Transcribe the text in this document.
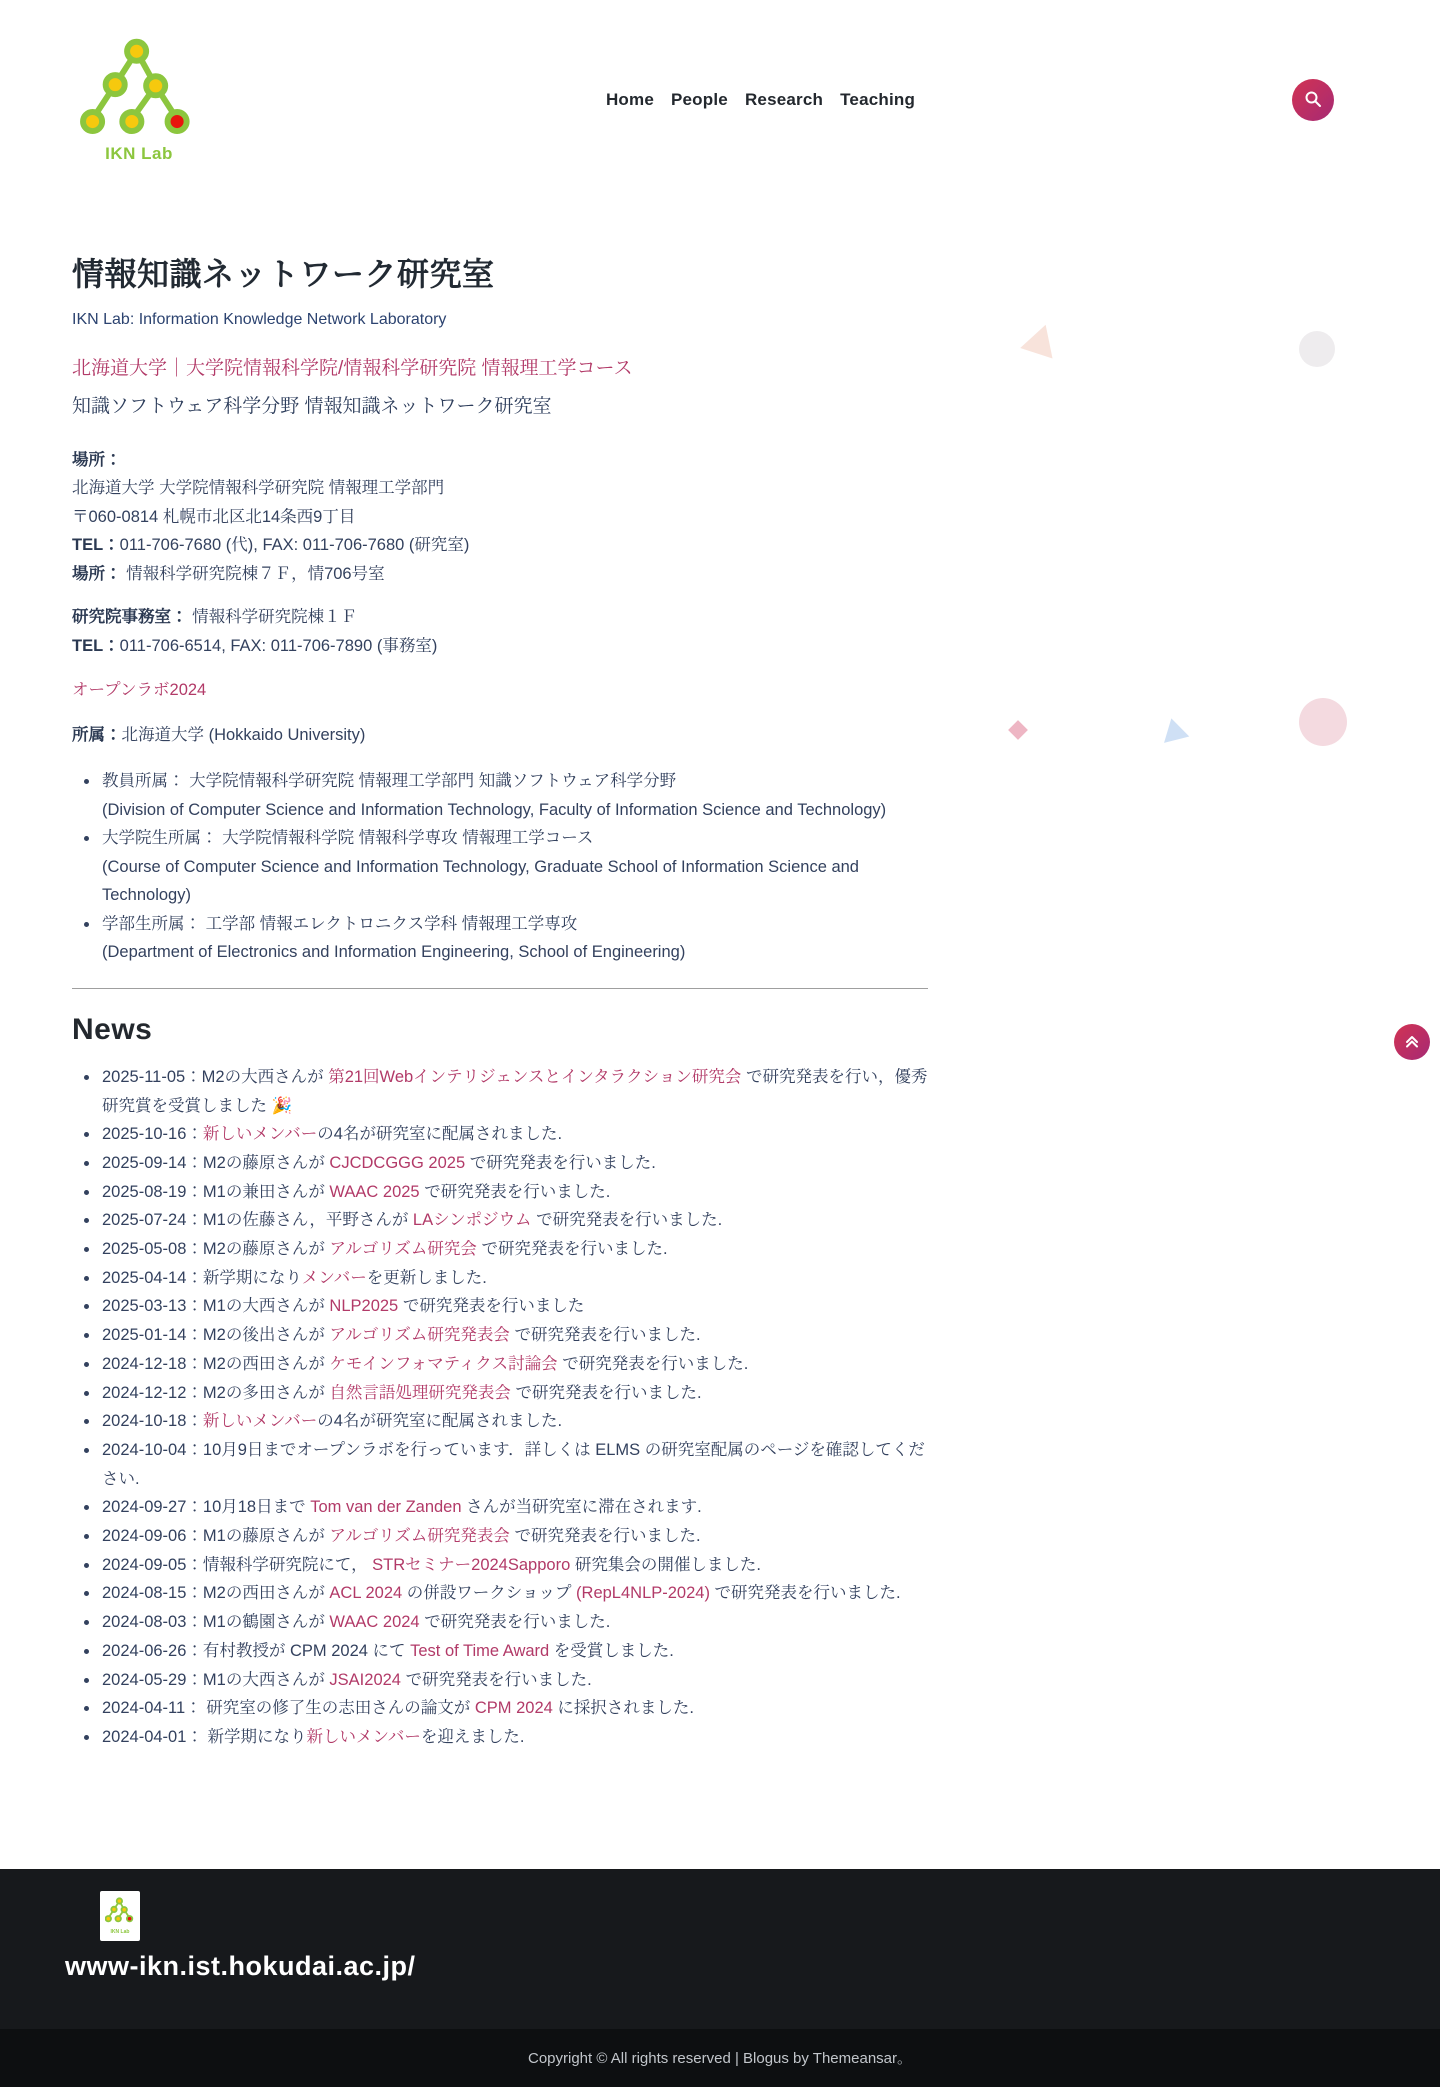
IKN Lab
Home People Research Teaching
情報知識ネットワーク研究室

IKN Lab: Information Knowledge Network Laboratory

北海道大学｜大学院情報科学院/情報科学研究院 情報理工学コース

知識ソフトウェア科学分野 情報知識ネットワーク研究室

場所：
北海道大学 大学院情報科学研究院 情報理工学部門
〒060-0814 札幌市北区北14条西9丁目
TEL：011-706-7680 (代), FAX: 011-706-7680 (研究室)
場所： 情報科学研究院棟７Ｆ，情706号室

研究院事務室： 情報科学研究院棟１Ｆ
TEL：011-706-6514, FAX: 011-706-7890 (事務室)

オープンラボ2024

所属：北海道大学 (Hokkaido University)

• 教員所属： 大学院情報科学研究院 情報理工学部門 知識ソフトウェア科学分野
(Division of Computer Science and Information Technology, Faculty of Information Science and Technology)
• 大学院生所属： 大学院情報科学院 情報科学専攻 情報理工学コース
(Course of Computer Science and Information Technology, Graduate School of Information Science and Technology)
• 学部生所属： 工学部 情報エレクトロニクス学科 情報理工学専攻
(Department of Electronics and Information Engineering, School of Engineering)
News
• 2025-11-05：M2の大西さんが 第21回Webインテリジェンスとインタラクション研究会 で研究発表を行い，優秀研究賞を受賞しました 🎉
• 2025-10-16：新しいメンバーの4名が研究室に配属されました.
• 2025-09-14：M2の藤原さんが CJCDCGGG 2025 で研究発表を行いました.
• 2025-08-19：M1の兼田さんが WAAC 2025 で研究発表を行いました.
• 2025-07-24：M1の佐藤さん，平野さんが LAシンポジウム で研究発表を行いました.
• 2025-05-08：M2の藤原さんが アルゴリズム研究会 で研究発表を行いました.
• 2025-04-14：新学期になりメンバーを更新しました.
• 2025-03-13：M1の大西さんが NLP2025 で研究発表を行いました
• 2025-01-14：M2の後出さんが アルゴリズム研究発表会 で研究発表を行いました.
• 2024-12-18：M2の西田さんが ケモインフォマティクス討論会 で研究発表を行いました.
• 2024-12-12：M2の多田さんが 自然言語処理研究発表会 で研究発表を行いました.
• 2024-10-18：新しいメンバーの4名が研究室に配属されました.
• 2024-10-04：10月9日までオープンラボを行っています．詳しくは ELMS の研究室配属のページを確認してください.
• 2024-09-27：10月18日まで Tom van der Zanden さんが当研究室に滞在されます.
• 2024-09-06：M1の藤原さんが アルゴリズム研究発表会 で研究発表を行いました.
• 2024-09-05：情報科学研究院にて， STRセミナー2024Sapporo 研究集会の開催しました.
• 2024-08-15：M2の西田さんが ACL 2024 の併設ワークショップ (RepL4NLP-2024) で研究発表を行いました.
• 2024-08-03：M1の鶴園さんが WAAC 2024 で研究発表を行いました.
• 2024-06-26：有村教授が CPM 2024 にて Test of Time Award を受賞しました.
• 2024-05-29：M1の大西さんが JSAI2024 で研究発表を行いました.
• 2024-04-11： 研究室の修了生の志田さんの論文が CPM 2024 に採択されました.
• 2024-04-01： 新学期になり新しいメンバーを迎えました.
IKN Lab
www-ikn.ist.hokudai.ac.jp/

Copyright © All rights reserved | Blogus by Themeansar。
